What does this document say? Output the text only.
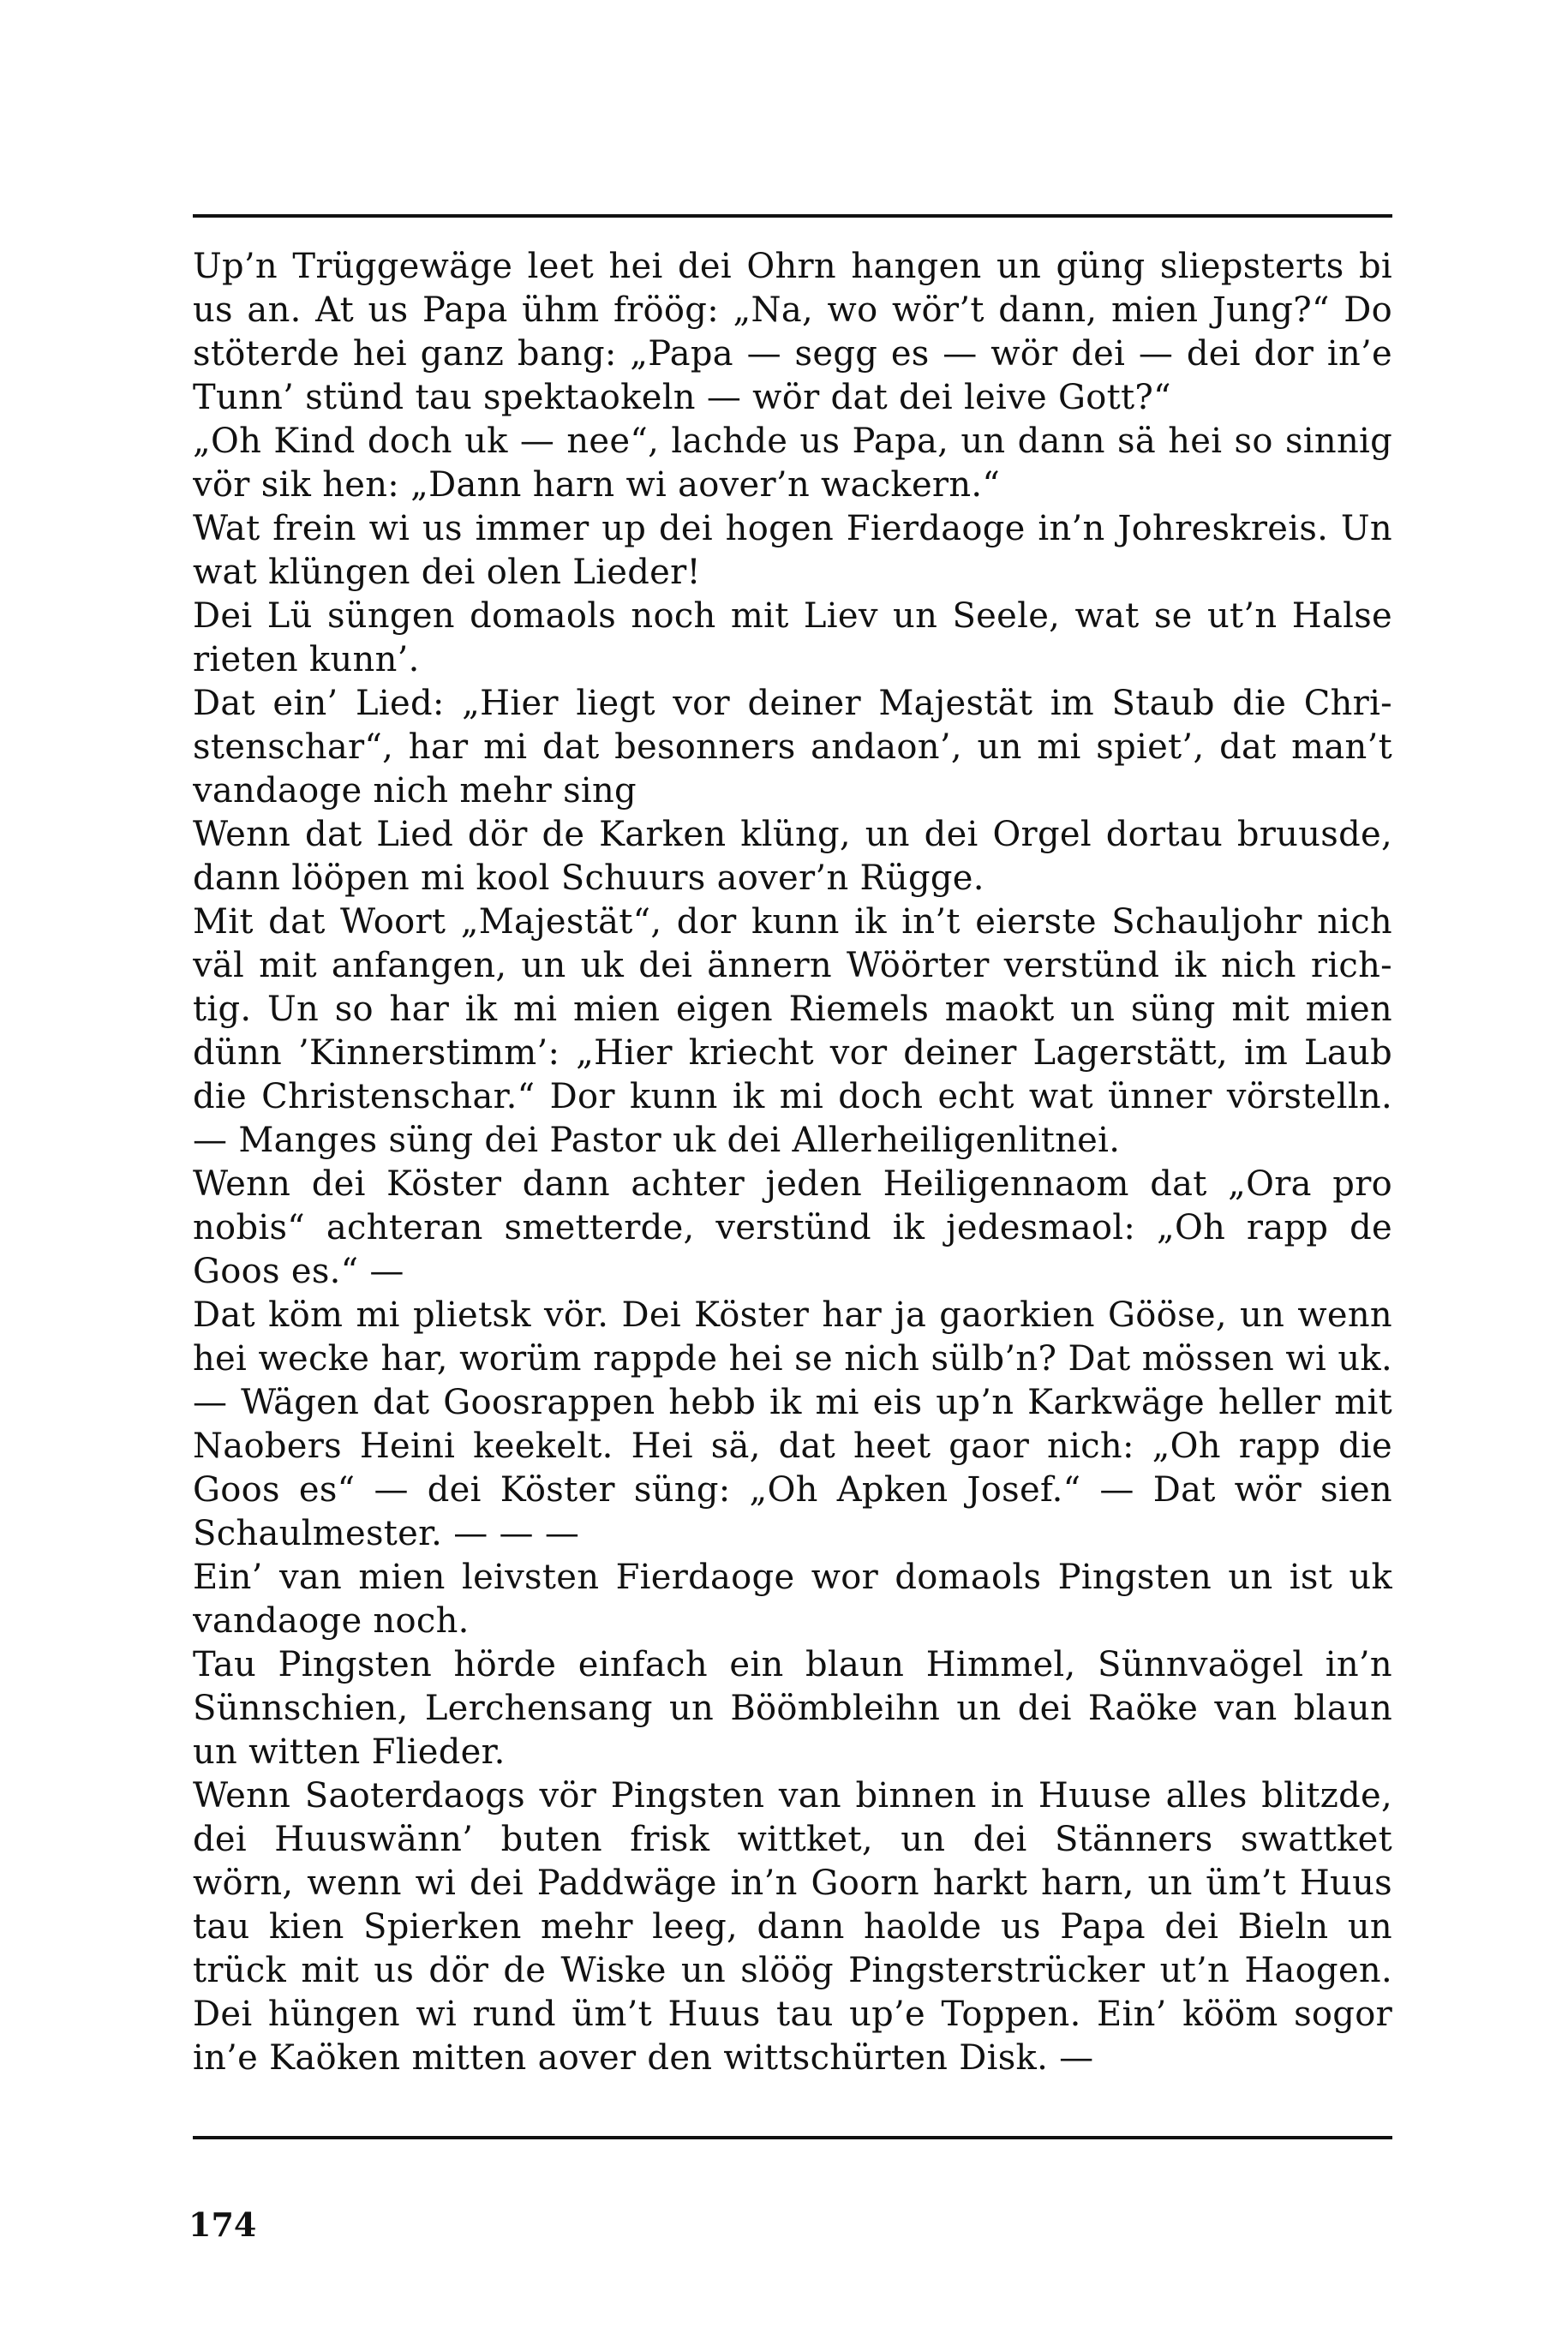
Up’n Trüggewäge leet hei dei Ohrn hangen un güng sliepsterts bi
us an. At us Papa ühm fröög: „Na, wo wör’t dann, mien Jung?“ Do
stöterde hei ganz bang: „Papa — segg es — wör dei — dei dor in’e
Tunn’ stünd tau spektaokeln — wör dat dei leive Gott?“
„Oh Kind doch uk — nee“, lachde us Papa, un dann sä hei so sinnig
vör sik hen: „Dann harn wi aover’n wackern.“
Wat frein wi us immer up dei hogen Fierdaoge in’n Johreskreis. Un
wat klüngen dei olen Lieder!
Dei Lü süngen domaols noch mit Liev un Seele, wat se ut’n Halse
rieten kunn’.
Dat ein’ Lied: „Hier liegt vor deiner Majestät im Staub die Chri-
stenschar“, har mi dat besonners andaon’, un mi spiet’, dat man’t
vandaoge nich mehr sing
Wenn dat Lied dör de Karken klüng, un dei Orgel dortau bruusde,
dann lööpen mi kool Schuurs aover’n Rügge.
Mit dat Woort „Majestät“, dor kunn ik in’t eierste Schauljohr nich
väl mit anfangen, un uk dei ännern Wöörter verstünd ik nich rich-
tig. Un so har ik mi mien eigen Riemels maokt un süng mit mien
dünn ’Kinnerstimm’: „Hier kriecht vor deiner Lagerstätt, im Laub
die Christenschar.“ Dor kunn ik mi doch echt wat ünner vörstelln.
— Manges süng dei Pastor uk dei Allerheiligenlitnei.
Wenn dei Köster dann achter jeden Heiligennaom dat „Ora pro
nobis“ achteran smetterde, verstünd ik jedesmaol: „Oh rapp de
Goos es.“ —
Dat köm mi plietsk vör. Dei Köster har ja gaorkien Gööse, un wenn
hei wecke har, worüm rappde hei se nich sülb’n? Dat mössen wi uk.
— Wägen dat Goosrappen hebb ik mi eis up’n Karkwäge heller mit
Naobers Heini keekelt. Hei sä, dat heet gaor nich: „Oh rapp die
Goos es“ — dei Köster süng: „Oh Apken Josef.“ — Dat wör sien
Schaulmester. — — —
Ein’ van mien leivsten Fierdaoge wor domaols Pingsten un ist uk
vandaoge noch.
Tau Pingsten hörde einfach ein blaun Himmel, Sünnvaögel in’n
Sünnschien, Lerchensang un Böömbleihn un dei Raöke van blaun
un witten Flieder.
Wenn Saoterdaogs vör Pingsten van binnen in Huuse alles blitzde,
dei Huuswänn’ buten frisk wittket, un dei Stänners swattket
wörn, wenn wi dei Paddwäge in’n Goorn harkt harn, un üm’t Huus
tau kien Spierken mehr leeg, dann haolde us Papa dei Bieln un
trück mit us dör de Wiske un slöög Pingsterstrücker ut’n Haogen.
Dei hüngen wi rund üm’t Huus tau up’e Toppen. Ein’ kööm sogor
in’e Kaöken mitten aover den wittschürten Disk. —
174
